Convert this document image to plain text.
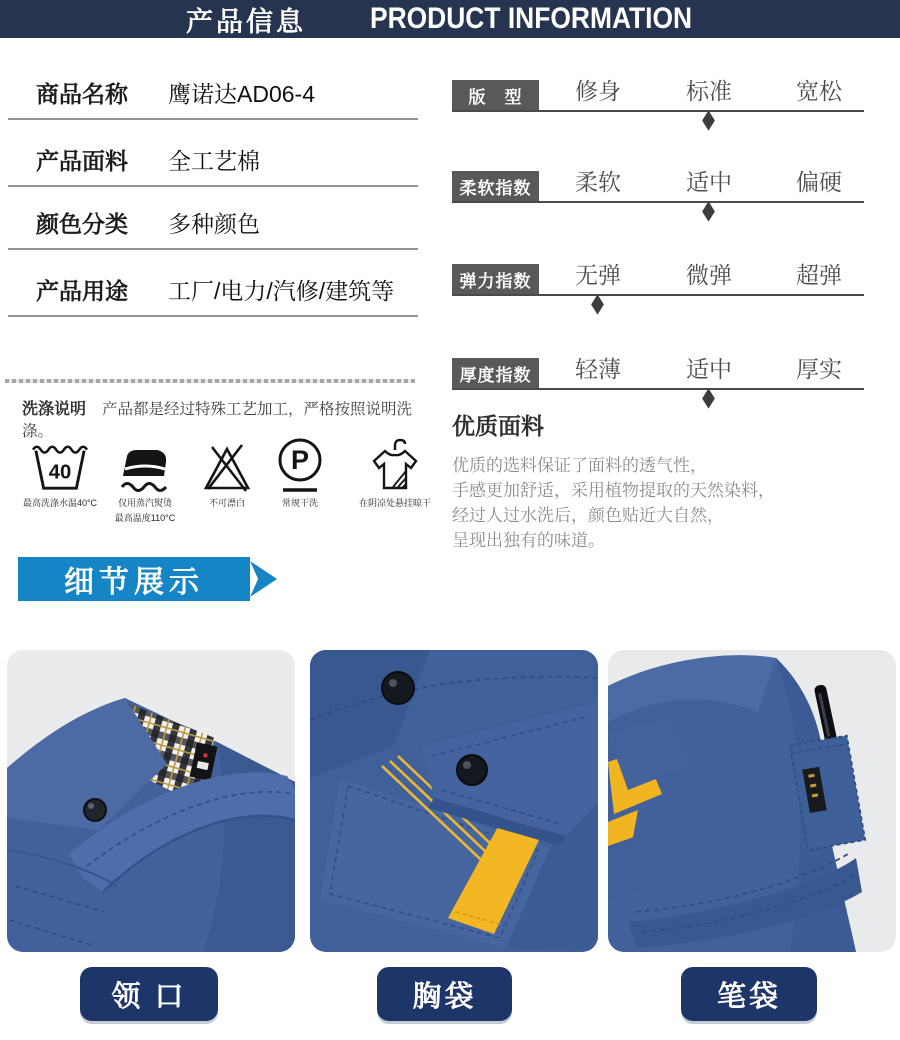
产品信息 PRODUCT INFORMATION
商品名称 鹰诺达AD06-4
产品面料 全工艺棉
颜色分类 多种颜色
产品用途 工厂/电力/汽修/建筑等
版　型	修身	标准	宽松
柔软指数	柔软	适中	偏硬
弹力指数	无弹	微弹	超弹
厚度指数	轻薄	适中	厚实
优质面料
优质的选料保证了面料的透气性，
手感更加舒适，采用植物提取的天然染料，
经过人过水洗后，颜色贴近大自然，
呈现出独有的味道。
洗涤说明 产品都是经过特殊工艺加工，严格按照说明洗涤。
40
最高洗涤水温40°C 仅用蒸汽熨烫
最高温度110°C
不可漂白
P
常规干洗	在阴凉处悬挂晾干
细节展示
领 口	胸袋	笔袋
